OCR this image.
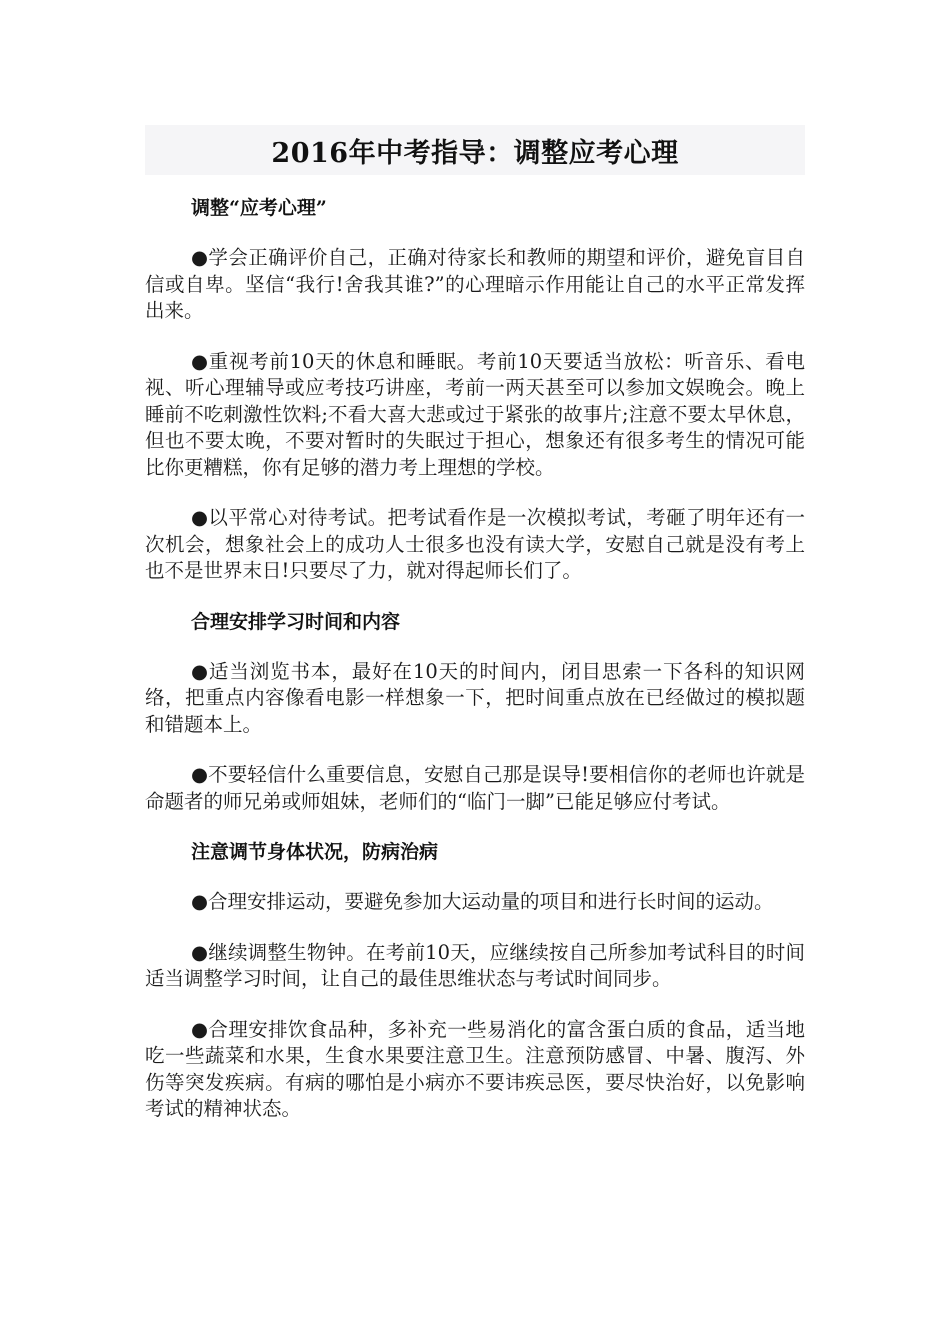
2016年中考指导：调整应考心理
调整“应考心理”

●学会正确评价自己，正确对待家长和教师的期望和评价，避免盲目自信或自卑。坚信“我行!舍我其谁?”的心理暗示作用能让自己的水平正常发挥出来。

●重视考前10天的休息和睡眠。考前10天要适当放松：听音乐、看电视、听心理辅导或应考技巧讲座，考前一两天甚至可以参加文娱晚会。晚上睡前不吃刺激性饮料;不看大喜大悲或过于紧张的故事片;注意不要太早休息，但也不要太晚，不要对暂时的失眠过于担心，想象还有很多考生的情况可能比你更糟糕，你有足够的潜力考上理想的学校。

●以平常心对待考试。把考试看作是一次模拟考试，考砸了明年还有一次机会，想象社会上的成功人士很多也没有读大学，安慰自己就是没有考上也不是世界末日!只要尽了力，就对得起师长们了。

合理安排学习时间和内容

●适当浏览书本，最好在10天的时间内，闭目思索一下各科的知识网络，把重点内容像看电影一样想象一下，把时间重点放在已经做过的模拟题和错题本上。

●不要轻信什么重要信息，安慰自己那是误导!要相信你的老师也许就是命题者的师兄弟或师姐妹，老师们的“临门一脚”已能足够应付考试。

注意调节身体状况，防病治病

●合理安排运动，要避免参加大运动量的项目和进行长时间的运动。

●继续调整生物钟。在考前10天，应继续按自己所参加考试科目的时间适当调整学习时间，让自己的最佳思维状态与考试时间同步。

●合理安排饮食品种，多补充一些易消化的富含蛋白质的食品，适当地吃一些蔬菜和水果，生食水果要注意卫生。注意预防感冒、中暑、腹泻、外伤等突发疾病。有病的哪怕是小病亦不要讳疾忌医，要尽快治好，以免影响考试的精神状态。
